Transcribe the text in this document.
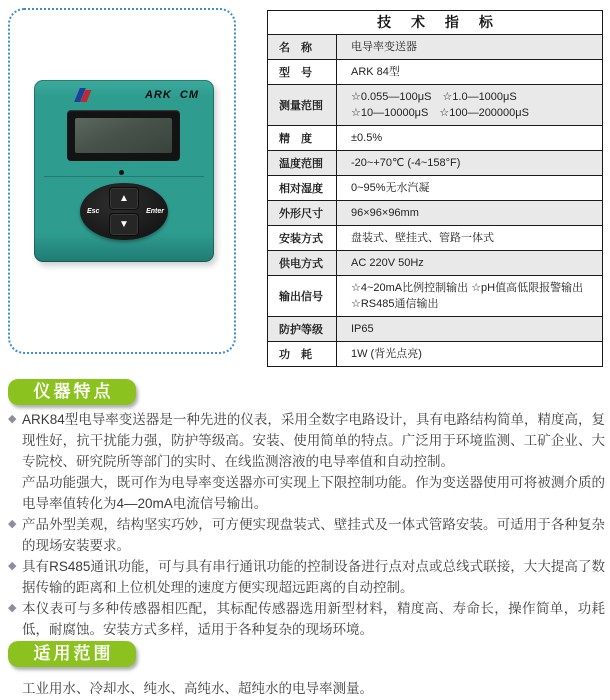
ARK  CM
▲
▼
Esc	Enter
技 术 指 标
名　称	电导率变送器
型　号	ARK 84型
测量范围
☆0.055—100μS　☆1.0—1000μS
☆10—10000μS　☆100—200000μS
精　度	±0.5%
温度范围	-20~+70℃ (-4~158°F)
相对湿度	0~95%无水汽凝
外形尺寸	96×96×96mm
安装方式	盘装式、壁挂式、管路一体式
供电方式	AC 220V 50Hz
输出信号
☆4~20mA比例控制输出 ☆pH值高低限报警输出
☆RS485通信输出
防护等级	IP65
功　耗	1W (背光点亮)
仪器特点
◆ ARK84型电导率变送器是一种先进的仪表，采用全数字电路设计，具有电路结构简单，精度高，复现性好，抗干扰能力强，防护等级高。安装、使用简单的特点。广泛用于环境监测、工矿企业、大专院校、研究院所等部门的实时、在线监测溶液的电导率值和自动控制。

产品功能强大，既可作为电导率变送器亦可实现上下限控制功能。作为变送器使用可将被测介质的电导率值转化为4—20mA电流信号输出。

◆ 产品外型美观，结构坚实巧妙，可方便实现盘装式、壁挂式及一体式管路安装。可适用于各种复杂的现场安装要求。

◆ 具有RS485通讯功能，可与具有串行通讯功能的控制设备进行点对点或总线式联接，大大提高了数据传输的距离和上位机处理的速度方便实现超远距离的自动控制。

◆ 本仪表可与多种传感器相匹配，其标配传感器选用新型材料，精度高、寿命长，操作简单，功耗低，耐腐蚀。安装方式多样，适用于各种复杂的现场环境。

适用范围
工业用水、冷却水、纯水、高纯水、超纯水的电导率测量。
